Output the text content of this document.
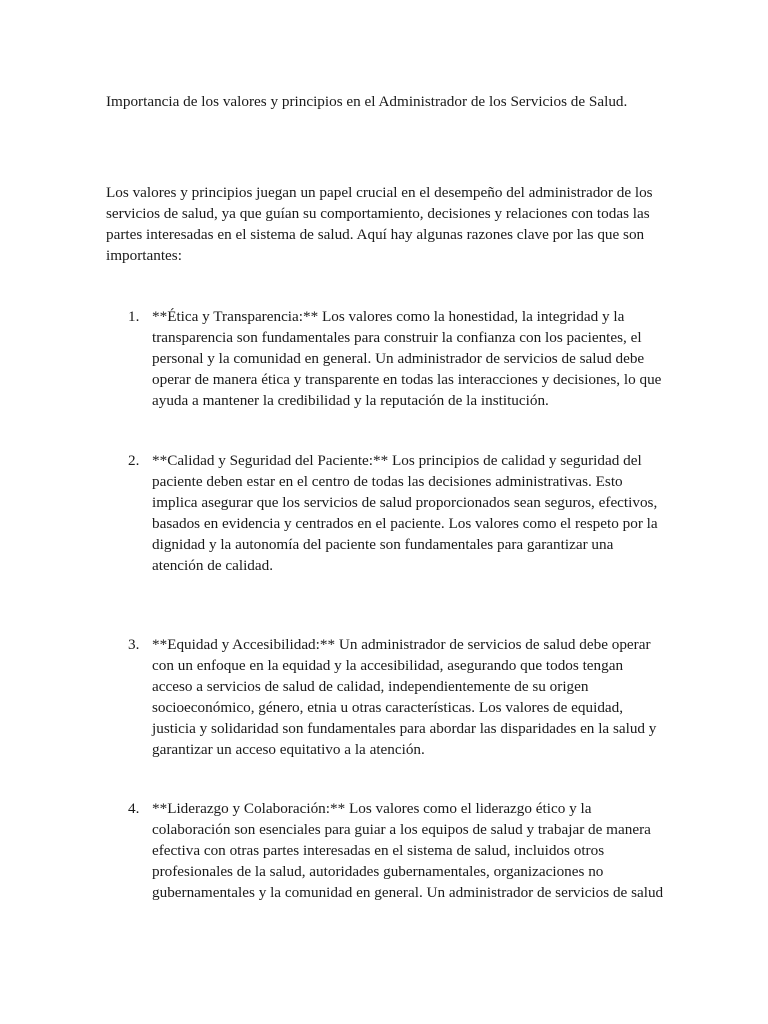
Importancia de los valores y principios en el Administrador de los Servicios de Salud.

Los valores y principios juegan un papel crucial en el desempeño del administrador de los servicios de salud, ya que guían su comportamiento, decisiones y relaciones con todas las partes interesadas en el sistema de salud. Aquí hay algunas razones clave por las que son importantes:

1. **Ética y Transparencia:** Los valores como la honestidad, la integridad y la transparencia son fundamentales para construir la confianza con los pacientes, el personal y la comunidad en general. Un administrador de servicios de salud debe operar de manera ética y transparente en todas las interacciones y decisiones, lo que ayuda a mantener la credibilidad y la reputación de la institución.

2. **Calidad y Seguridad del Paciente:** Los principios de calidad y seguridad del paciente deben estar en el centro de todas las decisiones administrativas. Esto implica asegurar que los servicios de salud proporcionados sean seguros, efectivos, basados en evidencia y centrados en el paciente. Los valores como el respeto por la dignidad y la autonomía del paciente son fundamentales para garantizar una atención de calidad.

3. **Equidad y Accesibilidad:** Un administrador de servicios de salud debe operar con un enfoque en la equidad y la accesibilidad, asegurando que todos tengan acceso a servicios de salud de calidad, independientemente de su origen socioeconómico, género, etnia u otras características. Los valores de equidad, justicia y solidaridad son fundamentales para abordar las disparidades en la salud y garantizar un acceso equitativo a la atención.

4. **Liderazgo y Colaboración:** Los valores como el liderazgo ético y la colaboración son esenciales para guiar a los equipos de salud y trabajar de manera efectiva con otras partes interesadas en el sistema de salud, incluidos otros profesionales de la salud, autoridades gubernamentales, organizaciones no gubernamentales y la comunidad en general. Un administrador de servicios de salud
